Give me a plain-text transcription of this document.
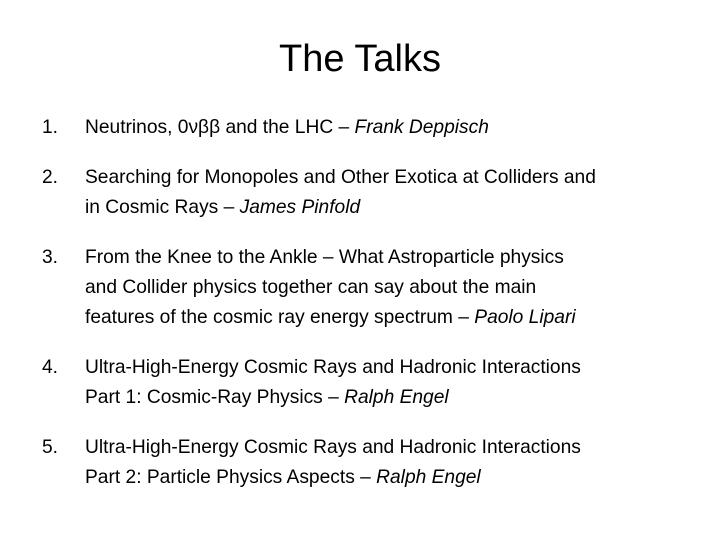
The Talks
1. Neutrinos, 0νββ and the LHC – Frank Deppisch
2. Searching for Monopoles and Other Exotica at Colliders and
in Cosmic Rays – James Pinfold
3. From the Knee to the Ankle – What Astroparticle physics
and Collider physics together can say about the main
features of the cosmic ray energy spectrum – Paolo Lipari
4. Ultra-High-Energy Cosmic Rays and Hadronic Interactions
Part 1: Cosmic-Ray Physics – Ralph Engel
5. Ultra-High-Energy Cosmic Rays and Hadronic Interactions
Part 2: Particle Physics Aspects – Ralph Engel
